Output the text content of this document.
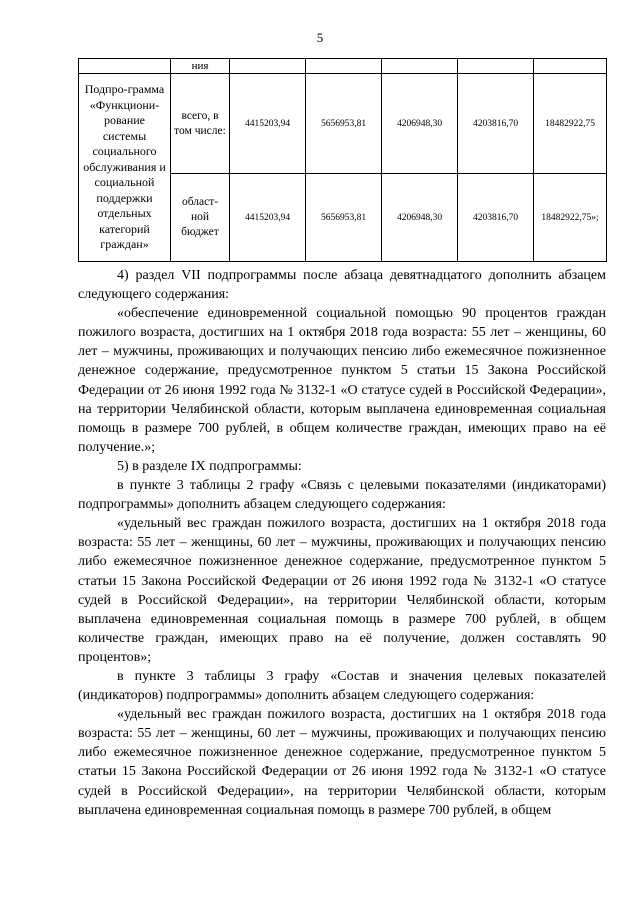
5
	ния					
Подпро-грамма «Функциони-рование системы социального обслуживания и социальной поддержки отдельных категорий граждан»	всего, в том числе:	4415203,94	5656953,81	4206948,30	4203816,70	18482922,75
	област-ной бюджет	4415203,94	5656953,81	4206948,30	4203816,70	18482922,75»;

4) раздел VII подпрограммы после абзаца девятнадцатого дополнить абзацем следующего содержания:

«обеспечение единовременной социальной помощью 90 процентов граждан пожилого возраста, достигших на 1 октября 2018 года возраста: 55 лет – женщины, 60 лет – мужчины, проживающих и получающих пенсию либо ежемесячное пожизненное денежное содержание, предусмотренное пунктом 5 статьи 15 Закона Российской Федерации от 26 июня 1992 года № 3132-1 «О статусе судей в Российской Федерации», на территории Челябинской области, которым выплачена единовременная социальная помощь в размере 700 рублей, в общем количестве граждан, имеющих право на её получение.»;

5) в разделе IX подпрограммы:

в пункте 3 таблицы 2 графу «Связь с целевыми показателями (индикаторами) подпрограммы» дополнить абзацем следующего содержания:

«удельный вес граждан пожилого возраста, достигших на 1 октября 2018 года возраста: 55 лет – женщины, 60 лет – мужчины, проживающих и получающих пенсию либо ежемесячное пожизненное денежное содержание, предусмотренное пунктом 5 статьи 15 Закона Российской Федерации от 26 июня 1992 года № 3132-1 «О статусе судей в Российской Федерации», на территории Челябинской области, которым выплачена единовременная социальная помощь в размере 700 рублей, в общем количестве граждан, имеющих право на её получение, должен составлять 90 процентов»;

в пункте 3 таблицы 3 графу «Состав и значения целевых показателей (индикаторов) подпрограммы» дополнить абзацем следующего содержания:

«удельный вес граждан пожилого возраста, достигших на 1 октября 2018 года возраста: 55 лет – женщины, 60 лет – мужчины, проживающих и получающих пенсию либо ежемесячное пожизненное денежное содержание, предусмотренное пунктом 5 статьи 15 Закона Российской Федерации от 26 июня 1992 года № 3132-1 «О статусе судей в Российской Федерации», на территории Челябинской области, которым выплачена единовременная социальная помощь в размере 700 рублей, в общем
